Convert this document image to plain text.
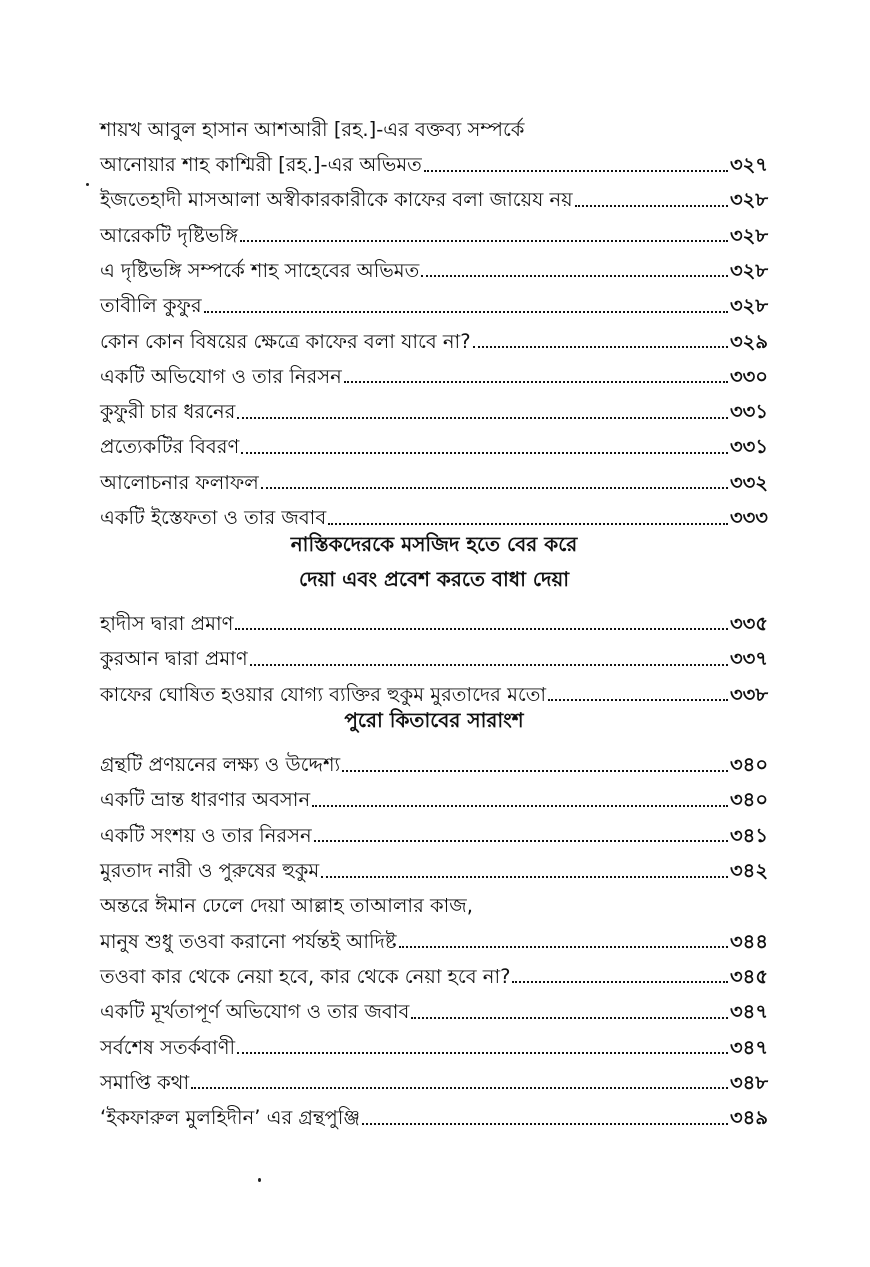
শায়খ আবুল হাসান আশআরী [রহ.]-এর বক্তব্য সম্পর্কে
আনোয়ার শাহ কাশ্মিরী [রহ.]-এর অভিমত	৩২৭
ইজতেহাদী মাসআলা অস্বীকারকারীকে কাফের বলা জায়েয নয়	৩২৮
আরেকটি দৃষ্টিভঙ্গি	৩২৮
এ দৃষ্টিভঙ্গি সম্পর্কে শাহ সাহেবের অভিমত	৩২৮
তাবীলি কুফুর	৩২৮
কোন কোন বিষয়ের ক্ষেত্রে কাফের বলা যাবে না?	৩২৯
একটি অভিযোগ ও তার নিরসন	৩৩০
কুফুরী চার ধরনের	৩৩১
প্রত্যেকটির বিবরণ	৩৩১
আলোচনার ফলাফল	৩৩২
একটি ইস্তেফতা ও তার জবাব	৩৩৩
নাস্তিকদেরকে মসজিদ হতে বের করে
দেয়া এবং প্রবেশ করতে বাধা দেয়া
হাদীস দ্বারা প্রমাণ	৩৩৫
কুরআন দ্বারা প্রমাণ	৩৩৭
কাফের ঘোষিত হওয়ার যোগ্য ব্যক্তির হুকুম মুরতাদের মতো	৩৩৮
পুরো কিতাবের সারাংশ
গ্রন্থটি প্রণয়নের লক্ষ্য ও উদ্দেশ্য	৩৪০
একটি ভ্রান্ত ধারণার অবসান	৩৪০
একটি সংশয় ও তার নিরসন	৩৪১
মুরতাদ নারী ও পুরুষের হুকুম	৩৪২
অন্তরে ঈমান ঢেলে দেয়া আল্লাহ তাআলার কাজ,
মানুষ শুধু তওবা করানো পর্যন্তই আদিষ্ট	৩৪৪
তওবা কার থেকে নেয়া হবে, কার থেকে নেয়া হবে না?	৩৪৫
একটি মূর্খতাপূর্ণ অভিযোগ ও তার জবাব	৩৪৭
সর্বশেষ সতর্কবাণী	৩৪৭
সমাপ্তি কথা	৩৪৮
‘ইকফারুল মুলহিদীন’ এর গ্রন্থপুঞ্জি	৩৪৯
